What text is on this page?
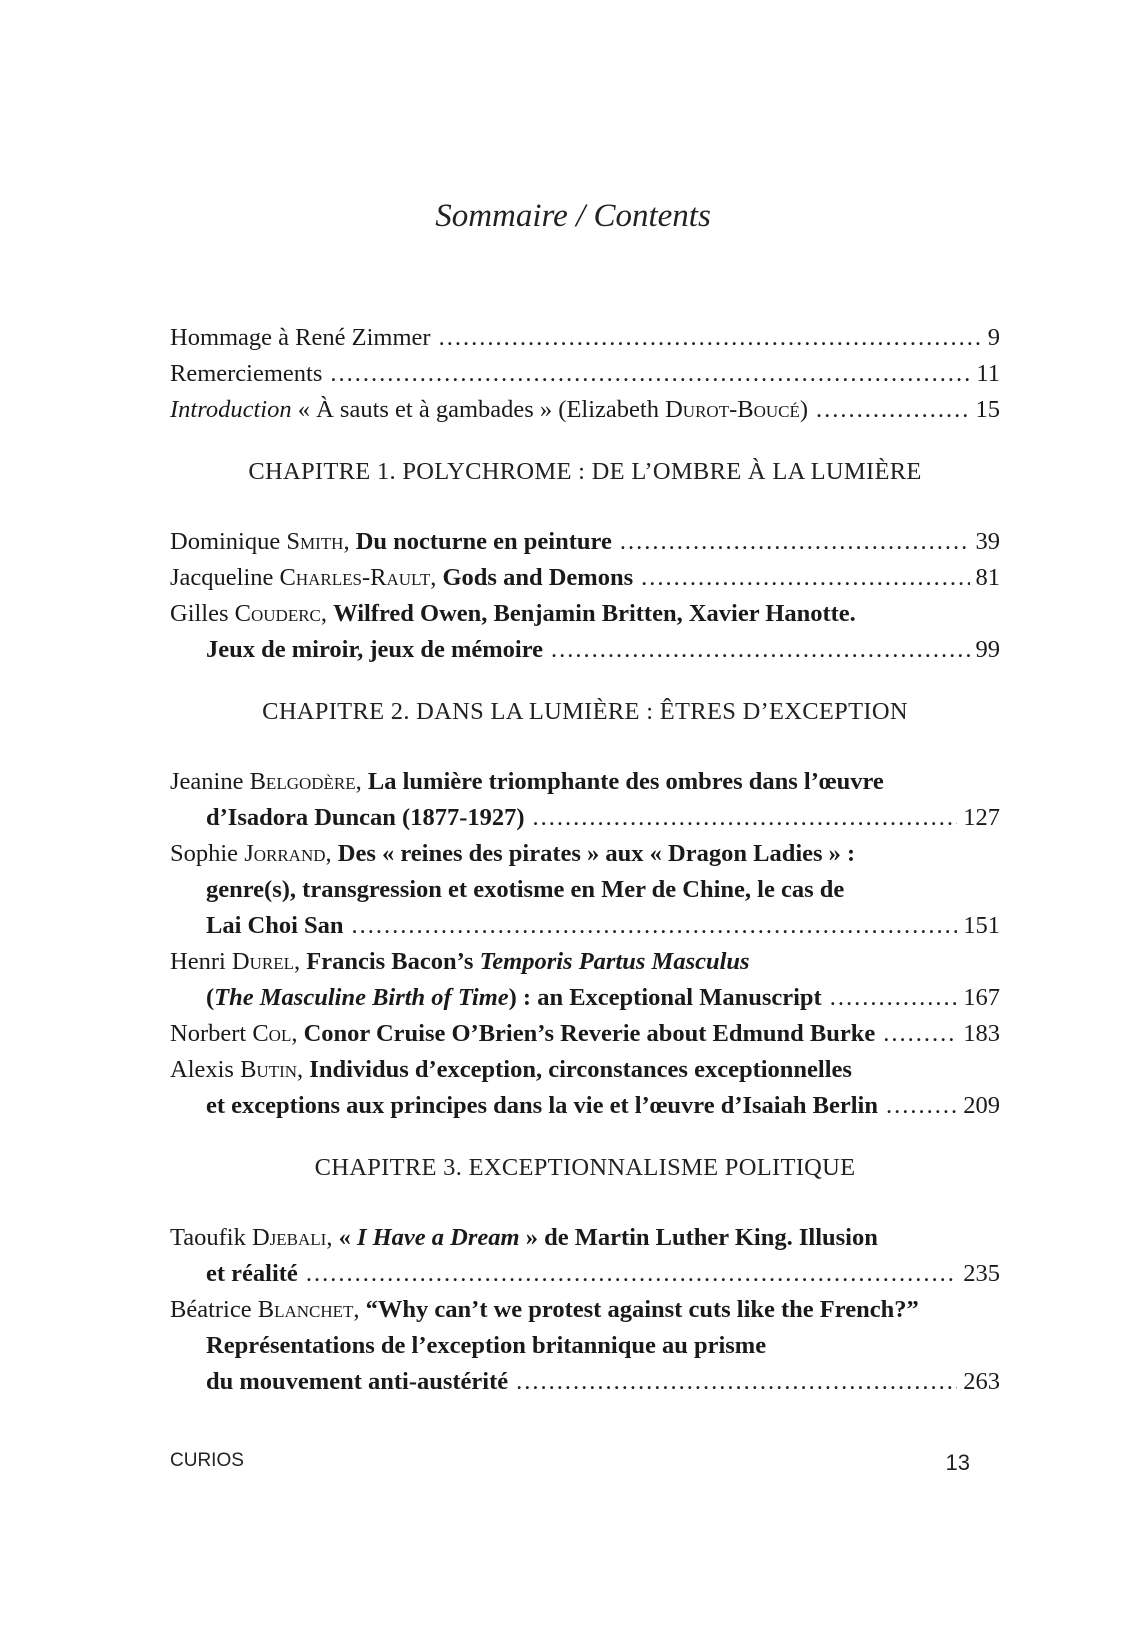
Sommaire / Contents
Hommage à René Zimmer .....	9
Remerciements .....	11
Introduction « À sauts et à gambades » (Elizabeth Durot-Boucé) .....	15
CHAPITRE 1. POLYCHROME : DE L’OMBRE À LA LUMIÈRE
Dominique Smith, Du nocturne en peinture .....	39
Jacqueline Charles-Rault, Gods and Demons .....	81
Gilles Couderc, Wilfred Owen, Benjamin Britten, Xavier Hanotte.
Jeux de miroir, jeux de mémoire .....	99
CHAPITRE 2. DANS LA LUMIÈRE : ÊTRES D’EXCEPTION
Jeanine Belgodère, La lumière triomphante des ombres dans l’œuvre
d’Isadora Duncan (1877-1927) .....	127
Sophie Jorrand, Des « reines des pirates » aux « Dragon Ladies » :
genre(s), transgression et exotisme en Mer de Chine, le cas de
Lai Choi San .....	151
Henri Durel, Francis Bacon’s Temporis Partus Masculus
(The Masculine Birth of Time) : an Exceptional Manuscript .....	167
Norbert Col, Conor Cruise O’Brien’s Reverie about Edmund Burke .....	183
Alexis Butin, Individus d’exception, circonstances exceptionnelles
et exceptions aux principes dans la vie et l’œuvre d’Isaiah Berlin .....	209
CHAPITRE 3. EXCEPTIONNALISME POLITIQUE
Taoufik Djebali, « I Have a Dream » de Martin Luther King. Illusion
et réalité .....	235
Béatrice Blanchet, “Why can’t we protest against cuts like the French?”
Représentations de l’exception britannique au prisme
du mouvement anti-austérité .....	263
CURIOS	13
